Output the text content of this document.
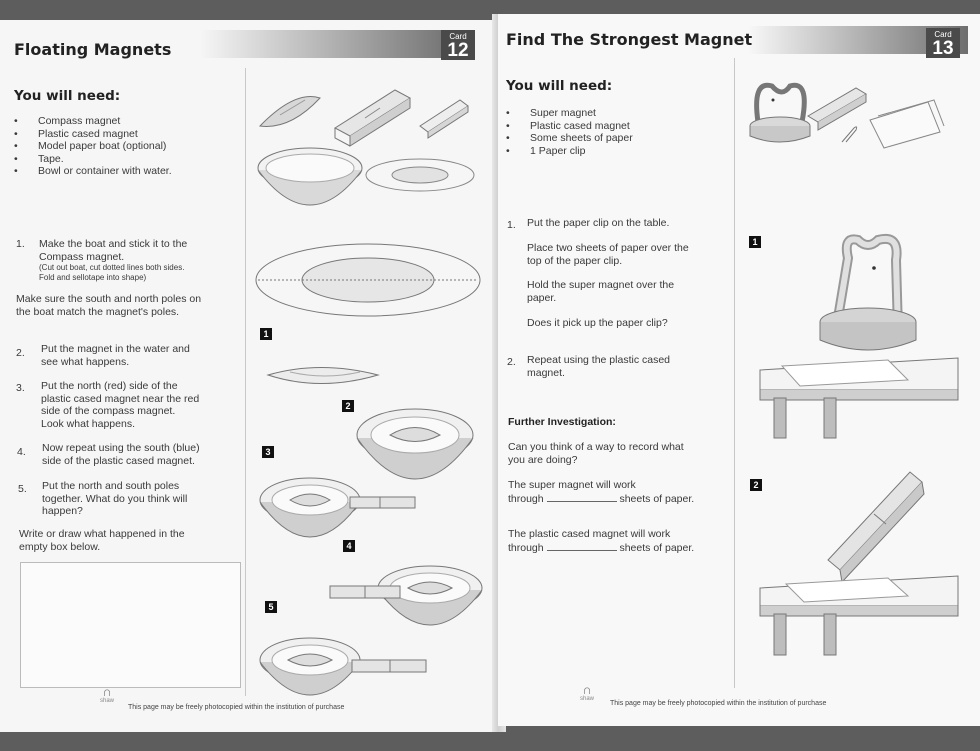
Card
12
Floating Magnets
You will need:
• Compass magnet
• Plastic cased magnet
• Model paper boat (optional)
• Tape.
• Bowl or container with water.
1. Make the boat and stick it to the
Compass magnet.
(Cut out boat, cut dotted lines both sides.
Fold and sellotape into shape)
Make sure the south and north poles on
the boat match the magnet's poles.
2. Put the magnet in the water and
see what happens.
3. Put the north (red) side of the
plastic cased magnet near the red
side of the compass magnet.
Look what happens.
4. Now repeat using the south (blue)
side of the plastic cased magnet.
5. Put the north and south poles
together. What do you think will
happen?
Write or draw what happened in the
empty box below.
1
2
3
4
5
∩
shaw
This page may be freely photocopied within the institution of purchase
Card
13
Find The Strongest Magnet
You will need:
• Super magnet
• Plastic cased magnet
• Some sheets of paper
• 1 Paper clip
1. Put the paper clip on the table.
Place two sheets of paper over the
top of the paper clip.
Hold the super magnet over the
paper.
Does it pick up the paper clip?
2. Repeat using the plastic cased
magnet.
Further Investigation:
Can you think of a way to record what
you are doing?
The super magnet will work
through	sheets of paper.
The plastic cased magnet will work
through	sheets of paper.
1
2
∩
shaw
This page may be freely photocopied within the institution of purchase
